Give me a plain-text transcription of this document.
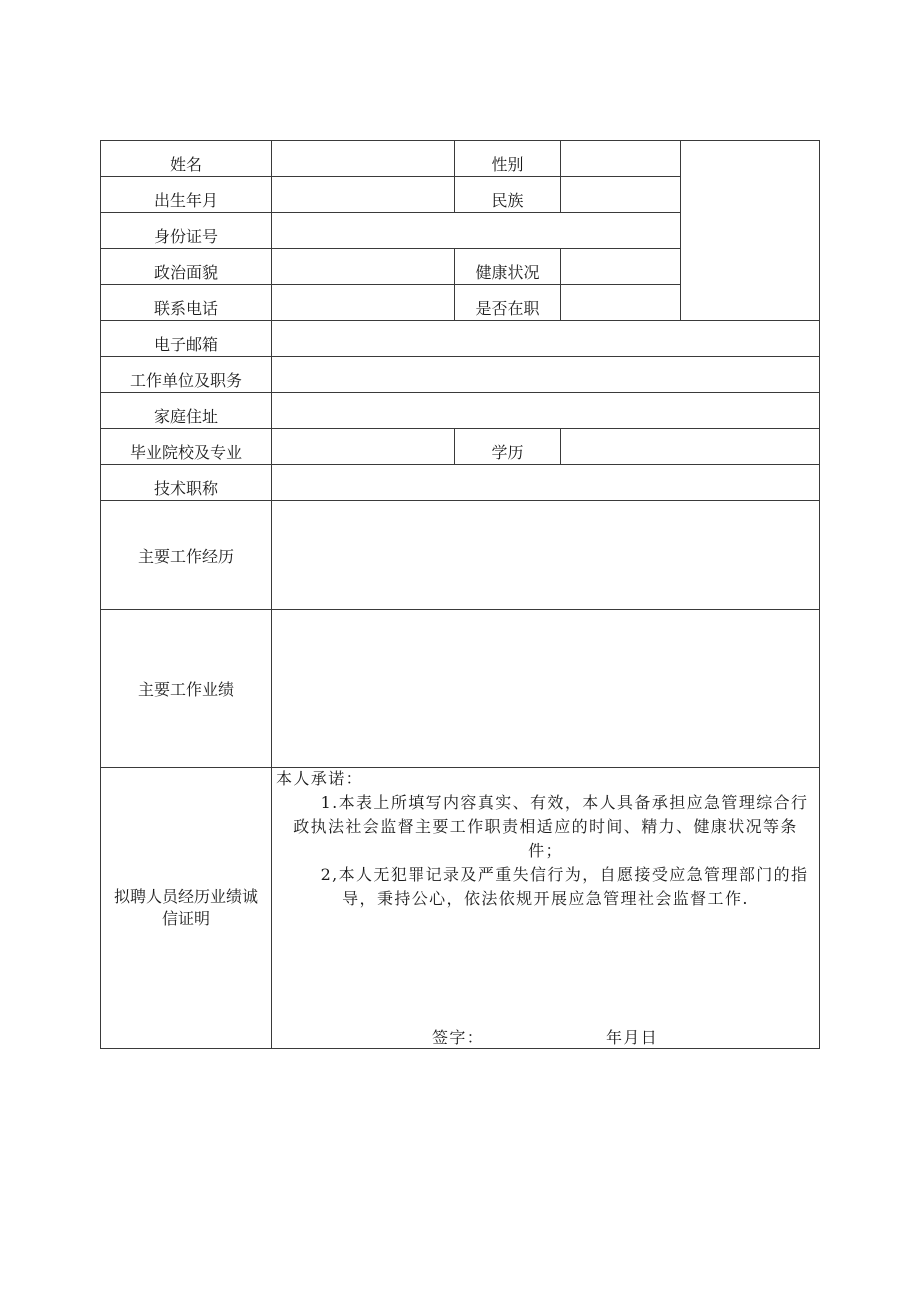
姓名		性别		
出生年月		民族		
身份证号				
政治面貌		健康状况		
联系电话		是否在职		
电子邮箱				
工作单位及职务				
家庭住址				
毕业院校及专业		学历		
技术职称				
主要工作经历				
主要工作业绩				
拟聘人员经历业绩诚信证明	本人承诺：
1.本表上所填写内容真实、有效，本人具备承担应急管理综合行政执法社会监督主要工作职责相适应的时间、精力、健康状况等条件；
2,本人无犯罪记录及严重失信行为，自愿接受应急管理部门的指导，秉持公心，依法依规开展应急管理社会监督工作.
签字： 年月日			
